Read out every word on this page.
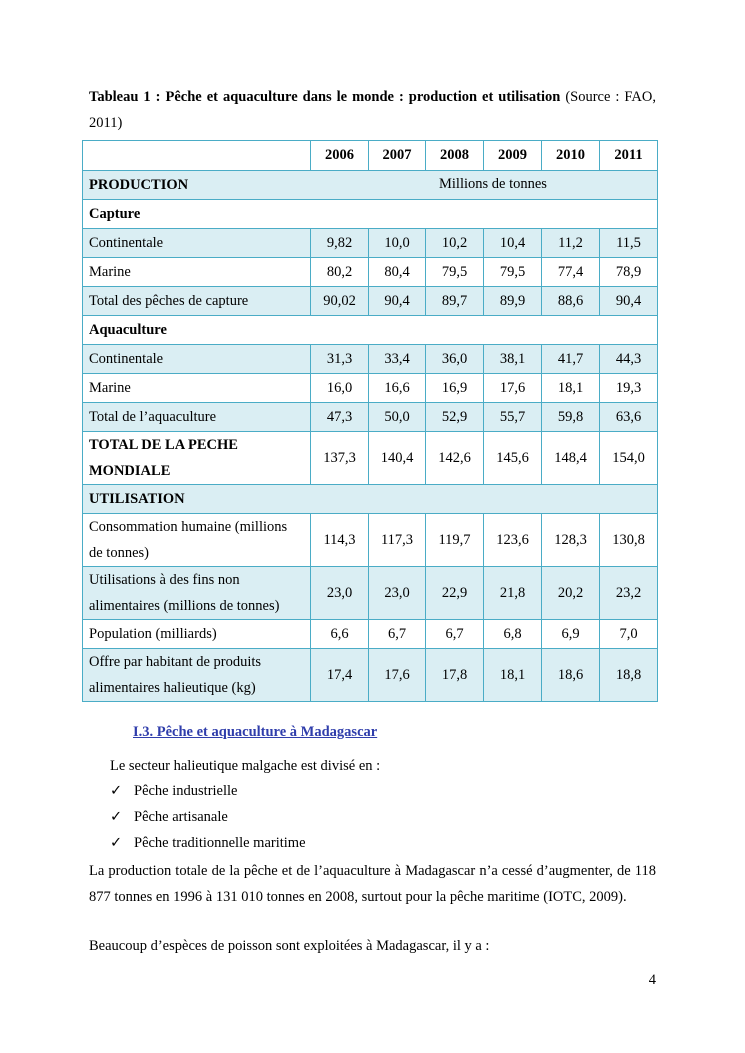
Tableau 1 : Pêche et aquaculture dans le monde : production et utilisation (Source : FAO, 2011)
	2006	2007	2008	2009	2010	2011
PRODUCTION Millions de tonnes						

Capture						
Continentale	9,82	10,0	10,2	10,4	11,2	11,5
Marine	80,2	80,4	79,5	79,5	77,4	78,9
Total des pêches de capture	90,02	90,4	89,7	89,9	88,6	90,4
Aquaculture						
Continentale	31,3	33,4	36,0	38,1	41,7	44,3
Marine	16,0	16,6	16,9	17,6	18,1	19,3
Total de l’aquaculture	47,3	50,0	52,9	55,7	59,8	63,6
TOTAL DE LA PECHE MONDIALE	137,3	140,4	142,6	145,6	148,4	154,0
UTILISATION						
Consommation humaine (millions de tonnes)	114,3	117,3	119,7	123,6	128,3	130,8
Utilisations à des fins non alimentaires (millions de tonnes)	23,0	23,0	22,9	21,8	20,2	23,2
Population (milliards)	6,6	6,7	6,7	6,8	6,9	7,0
Offre par habitant de produits alimentaires halieutique (kg)	17,4	17,6	17,8	18,1	18,6	18,8
I.3. Pêche et aquaculture à Madagascar
Le secteur halieutique malgache est divisé en :
✓ Pêche industrielle
✓ Pêche artisanale
✓ Pêche traditionnelle maritime
La production totale de la pêche et de l’aquaculture à Madagascar n’a cessé d’augmenter, de 118 877 tonnes en 1996 à 131 010 tonnes en 2008, surtout pour la pêche maritime (IOTC, 2009).
Beaucoup d’espèces de poisson sont exploitées à Madagascar, il y a :
4
